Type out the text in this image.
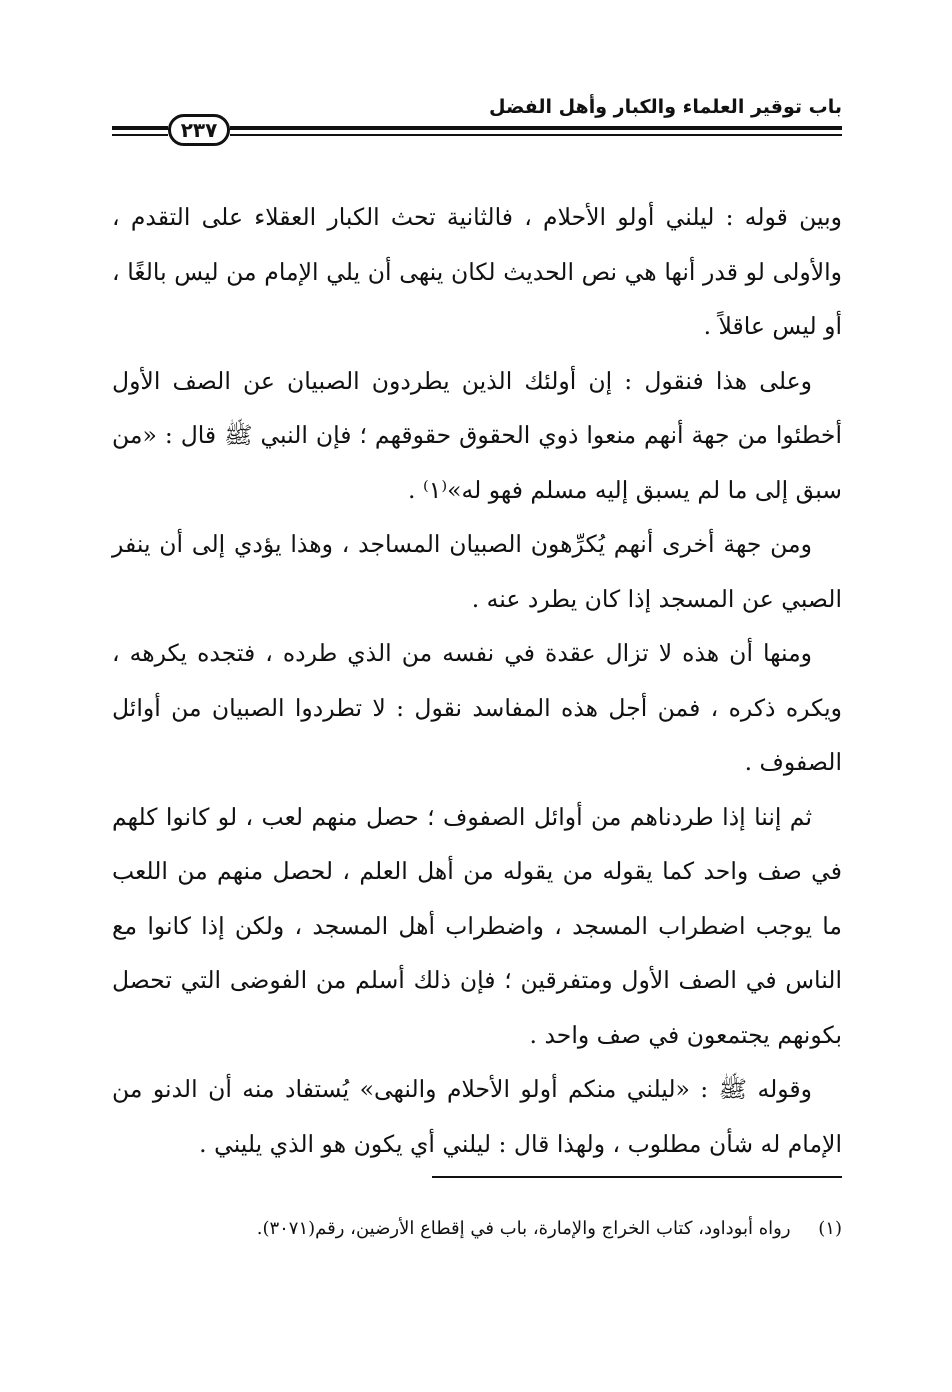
باب توقير العلماء والكبار وأهل الفضل
٢٣٧

وبين قوله : ليلني أولو الأحلام ، فالثانية تحث الكبار العقلاء على التقدم ، والأولى لو قدر أنها هي نص الحديث لكان ينهى أن يلي الإمام من ليس بالغًا ، أو ليس عاقلاً .

وعلى هذا فنقول : إن أولئك الذين يطردون الصبيان عن الصف الأول أخطئوا من جهة أنهم منعوا ذوي الحقوق حقوقهم ؛ فإن النبي ﷺ قال : «من سبق إلى ما لم يسبق إليه مسلم فهو له»⁽١⁾ .

ومن جهة أخرى أنهم يُكرِّهون الصبيان المساجد ، وهذا يؤدي إلى أن ينفر الصبي عن المسجد إذا كان يطرد عنه .

ومنها أن هذه لا تزال عقدة في نفسه من الذي طرده ، فتجده يكرهه ، ويكره ذكره ، فمن أجل هذه المفاسد نقول : لا تطردوا الصبيان من أوائل الصفوف .

ثم إننا إذا طردناهم من أوائل الصفوف ؛ حصل منهم لعب ، لو كانوا كلهم في صف واحد كما يقوله من يقوله من أهل العلم ، لحصل منهم من اللعب ما يوجب اضطراب المسجد ، واضطراب أهل المسجد ، ولكن إذا كانوا مع الناس في الصف الأول ومتفرقين ؛ فإن ذلك أسلم من الفوضى التي تحصل بكونهم يجتمعون في صف واحد .

وقوله ﷺ : «ليلني منكم أولو الأحلام والنهى» يُستفاد منه أن الدنو من الإمام له شأن مطلوب ، ولهذا قال : ليلني أي يكون هو الذي يليني .

(١) رواه أبوداود، كتاب الخراج والإمارة، باب في إقطاع الأرضين، رقم(٣٠٧١).
